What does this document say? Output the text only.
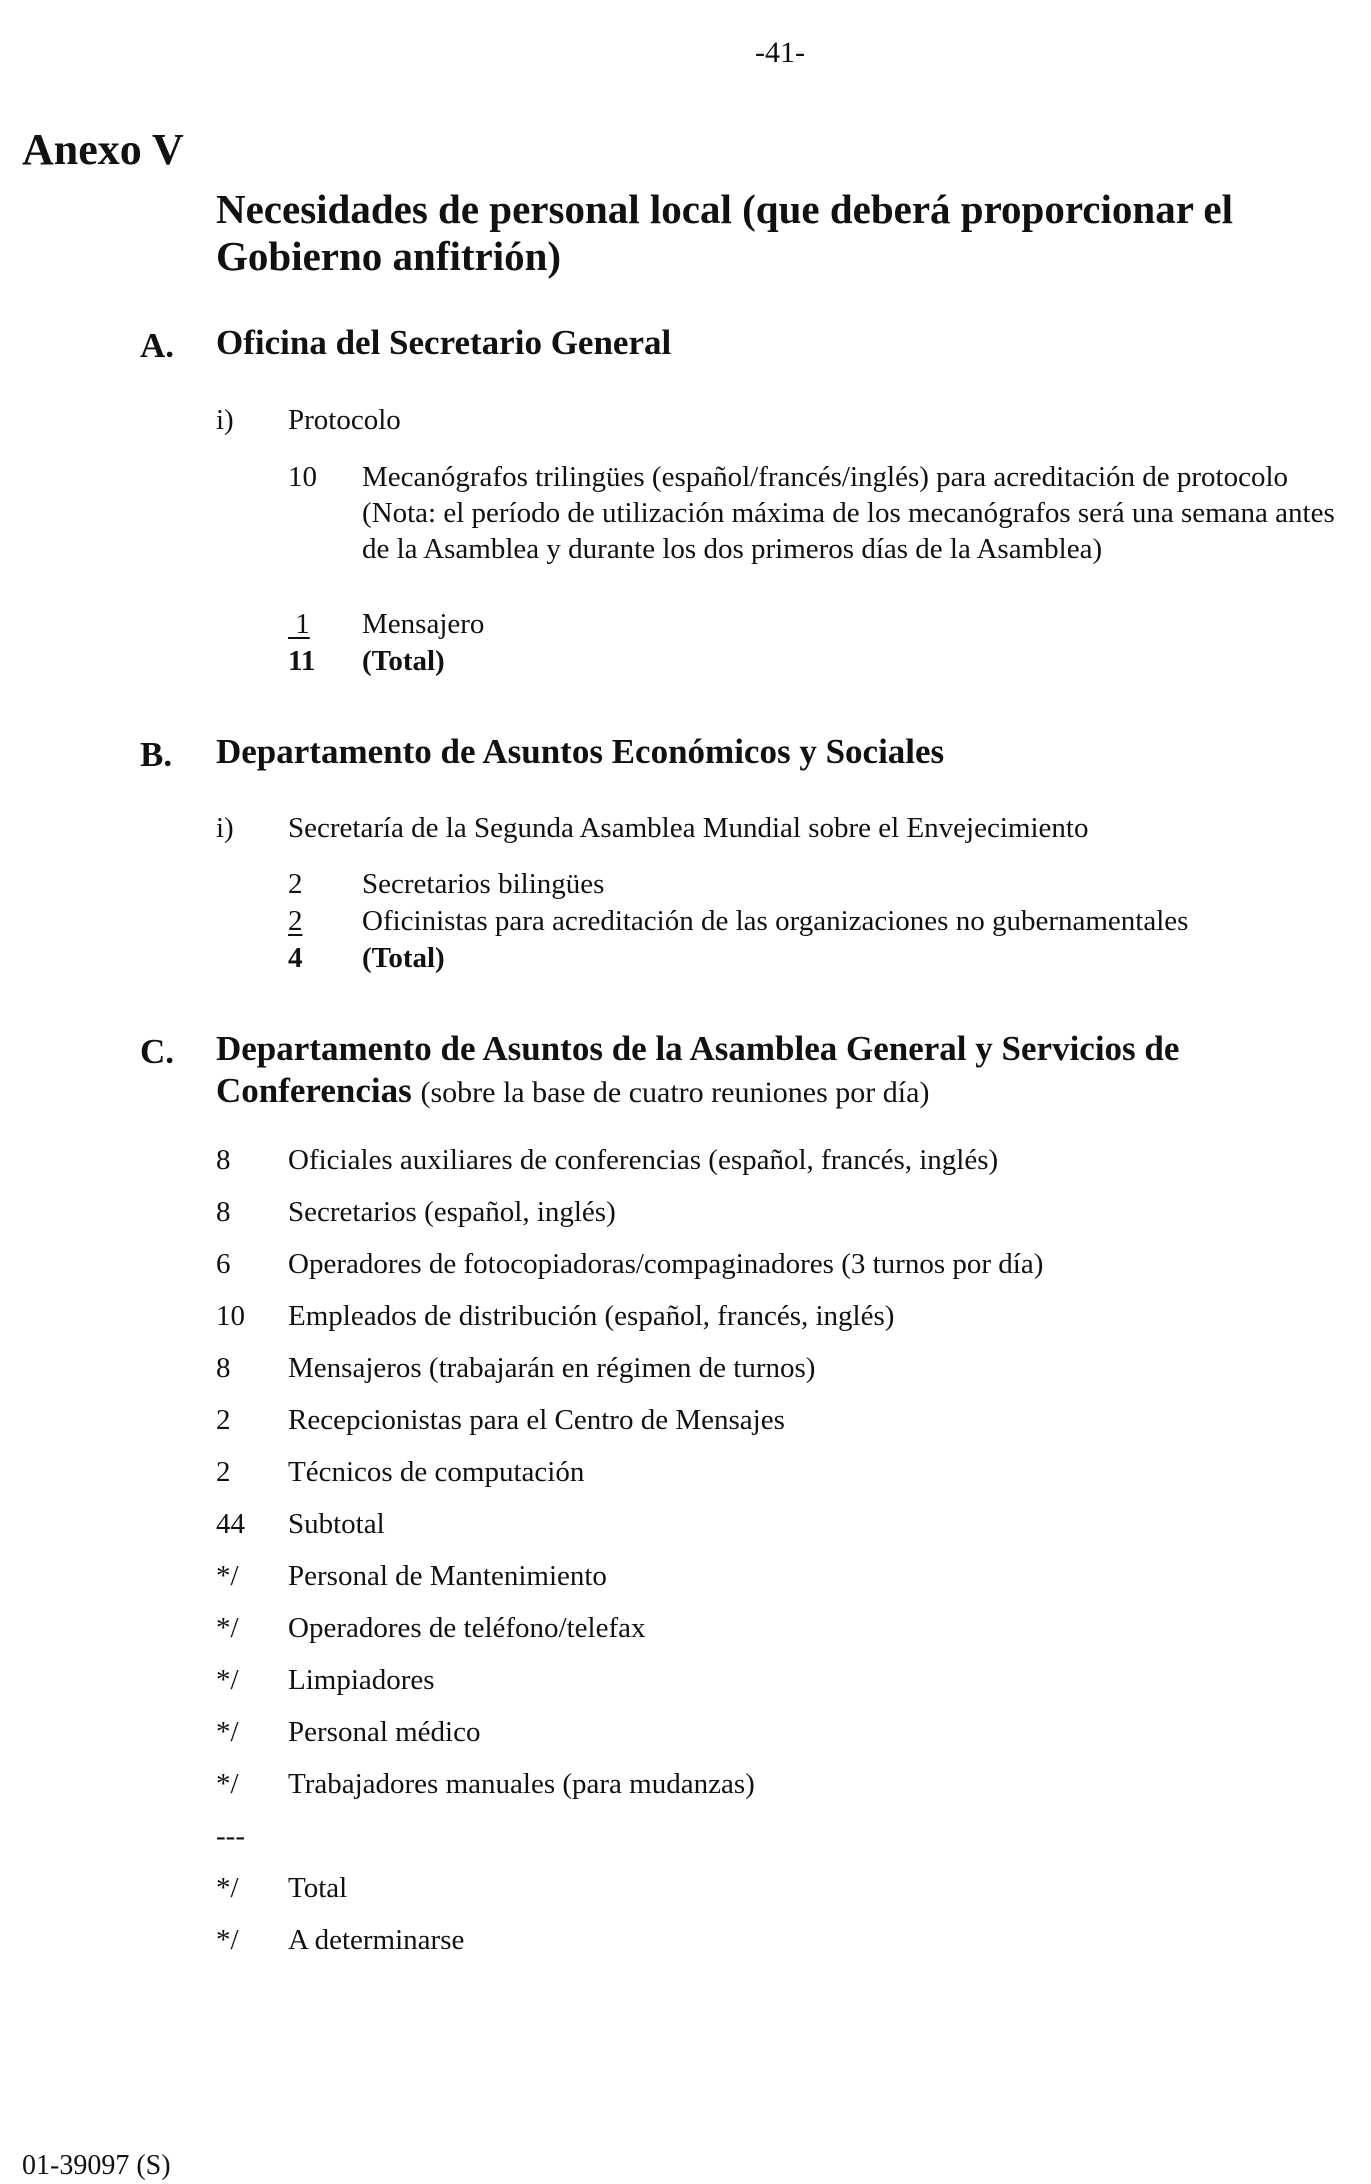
-41-
Anexo V
Necesidades de personal local (que deberá proporcionar el Gobierno anfitrión)
A. Oficina del Secretario General
i) Protocolo
10 Mecanógrafos trilingües (español/francés/inglés) para acreditación de protocolo (Nota: el período de utilización máxima de los mecanógrafos será una semana antes de la Asamblea y durante los dos primeros días de la Asamblea)
1 Mensajero
11 (Total)
B. Departamento de Asuntos Económicos y Sociales
i) Secretaría de la Segunda Asamblea Mundial sobre el Envejecimiento
2 Secretarios bilingües
2 Oficinistas para acreditación de las organizaciones no gubernamentales
4 (Total)
C. Departamento de Asuntos de la Asamblea General y Servicios de Conferencias (sobre la base de cuatro reuniones por día)
8 Oficiales auxiliares de conferencias (español, francés, inglés)
8 Secretarios (español, inglés)
6 Operadores de fotocopiadoras/compaginadores (3 turnos por día)
10 Empleados de distribución (español, francés, inglés)
8 Mensajeros (trabajarán en régimen de turnos)
2 Recepcionistas para el Centro de Mensajes
2 Técnicos de computación
44 Subtotal
*/ Personal de Mantenimiento
*/ Operadores de teléfono/telefax
*/ Limpiadores
*/ Personal médico
*/ Trabajadores manuales (para mudanzas)
---
*/ Total
*/ A determinarse
01-39097 (S)
